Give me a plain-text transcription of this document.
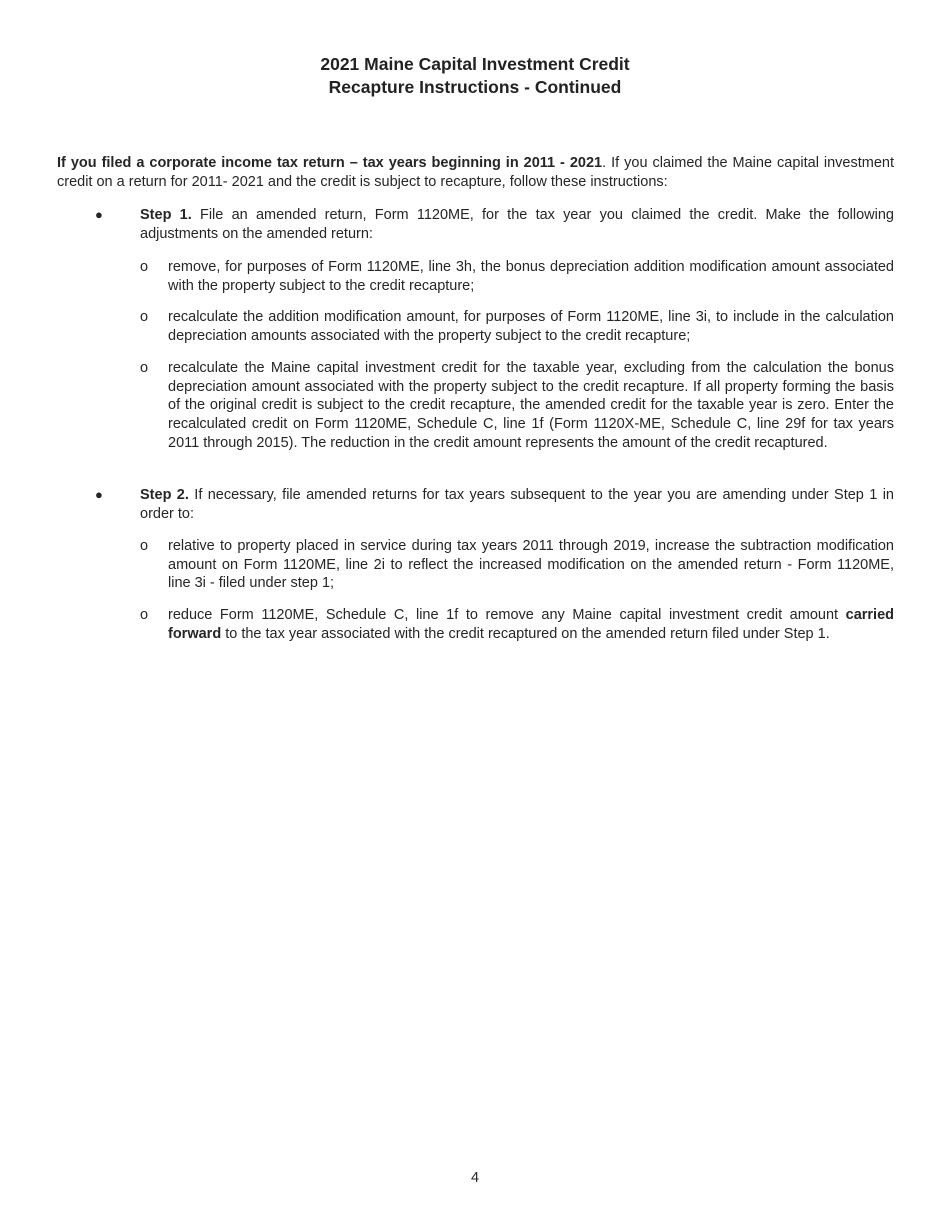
2021 Maine Capital Investment Credit
Recapture Instructions - Continued

If you filed a corporate income tax return – tax years beginning in 2011 - 2021. If you claimed the Maine capital investment credit on a return for 2011- 2021 and the credit is subject to recapture, follow these instructions:

●	Step 1. File an amended return, Form 1120ME, for the tax year you claimed the credit. Make the following adjustments on the amended return:

o remove, for purposes of Form 1120ME, line 3h, the bonus depreciation addition modification amount associated with the property subject to the credit recapture;

o recalculate the addition modification amount, for purposes of Form 1120ME, line 3i, to include in the calculation depreciation amounts associated with the property subject to the credit recapture;

o recalculate the Maine capital investment credit for the taxable year, excluding from the calculation the bonus depreciation amount associated with the property subject to the credit recapture. If all property forming the basis of the original credit is subject to the credit recapture, the amended credit for the taxable year is zero. Enter the recalculated credit on Form 1120ME, Schedule C, line 1f (Form 1120X-ME, Schedule C, line 29f for tax years 2011 through 2015). The reduction in the credit amount represents the amount of the credit recaptured.

●	Step 2. If necessary, file amended returns for tax years subsequent to the year you are amending under Step 1 in order to:

o relative to property placed in service during tax years 2011 through 2019, increase the subtraction modification amount on Form 1120ME, line 2i to reflect the increased modification on the amended return - Form 1120ME, line 3i - filed under step 1;

o reduce Form 1120ME, Schedule C, line 1f to remove any Maine capital investment credit amount carried forward to the tax year associated with the credit recaptured on the amended return filed under Step 1.

4
